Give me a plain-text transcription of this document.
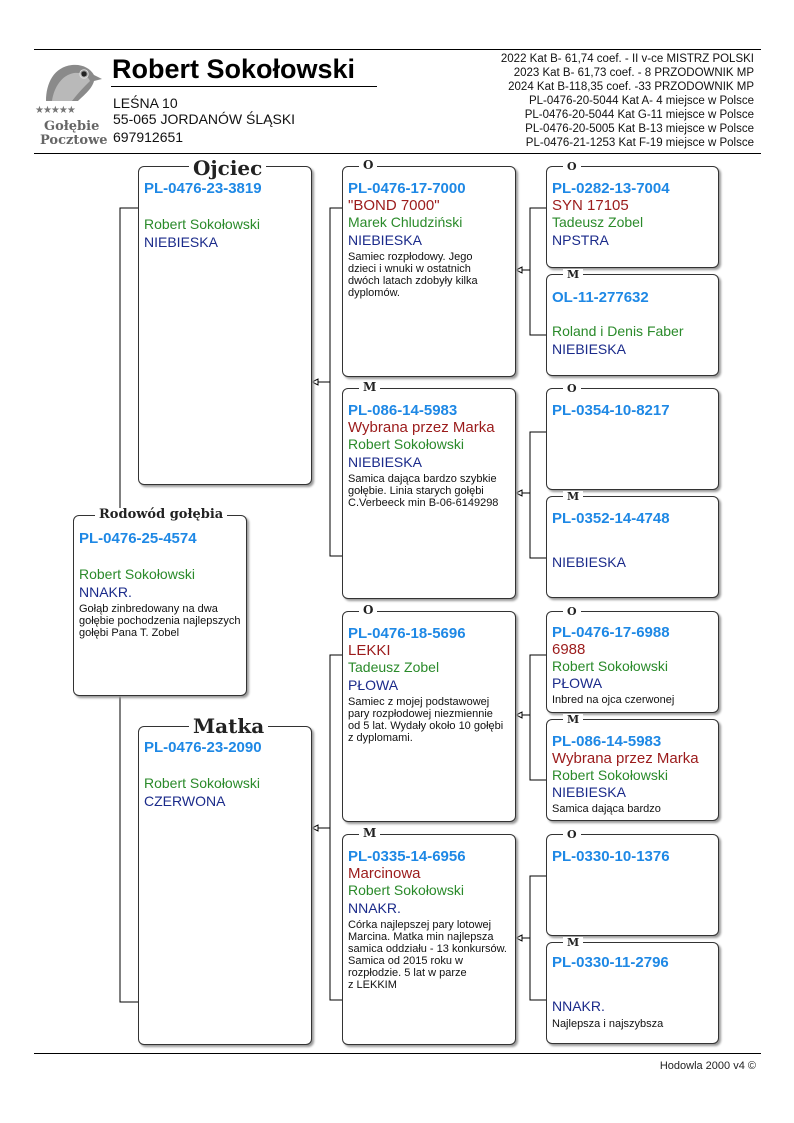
★★★★★
Gołębie
Pocztowe
Robert Sokołowski
LEŚNA 10
55-065 JORDANÓW ŚLĄSKI
697912651
2022 Kat B- 61,74 coef. - II v-ce MISTRZ POLSKI
2023 Kat B- 61,73 coef. - 8 PRZODOWNIK MP
2024 Kat B-118,35 coef. -33 PRZODOWNIK MP
PL-0476-20-5044 Kat A- 4 miejsce w Polsce
PL-0476-20-5044 Kat G-11 miejsce w Polsce
PL-0476-20-5005 Kat B-13 miejsce w Polsce
PL-0476-21-1253 Kat F-19 miejsce w Polsce
PL-0476-25-4574
Robert Sokołowski
NNAKR.
Gołąb zinbredowany na dwa gołębie pochodzenia najlepszych gołębi Pana T. Zobel
Rodowód gołębia
PL-0476-23-3819
Robert Sokołowski
NIEBIESKA
Ojciec
PL-0476-23-2090
Robert Sokołowski
CZERWONA
Matka
PL-0476-17-7000
"BOND 7000"
Marek Chludziński
NIEBIESKA
Samiec rozpłodowy. Jego dzieci i wnuki w ostatnich dwóch latach zdobyły kilka dyplomów.
O
PL-086-14-5983
Wybrana przez Marka
Robert Sokołowski
NIEBIESKA
Samica dająca bardzo szybkie gołębie. Linia starych gołębi C.Verbeeck min B-06-6149298
M
PL-0476-18-5696
LEKKI
Tadeusz Zobel
PŁOWA
Samiec z mojej podstawowej pary rozpłodowej niezmiennie od 5 lat. Wydały około 10 gołębi z dyplomami.
O
PL-0335-14-6956
Marcinowa
Robert Sokołowski
NNAKR.
Córka najlepszej pary lotowej Marcina. Matka min najlepsza samica oddziału - 13 konkursów. Samica od 2015 roku w rozpłodzie. 5 lat w parze
z LEKKIM
M
PL-0282-13-7004
SYN 17105
Tadeusz Zobel
NPSTRA
O
OL-11-277632
Roland i Denis Faber
NIEBIESKA
M
PL-0354-10-8217
O
PL-0352-14-4748
NIEBIESKA
M
PL-0476-17-6988
6988
Robert Sokołowski
PŁOWA
Inbred na ojca czerwonej
O
PL-086-14-5983
Wybrana przez Marka
Robert Sokołowski
NIEBIESKA
Samica dająca bardzo
M
PL-0330-10-1376
O
PL-0330-11-2796
NNAKR.
Najlepsza i najszybsza
M
Hodowla 2000 v4 ©
